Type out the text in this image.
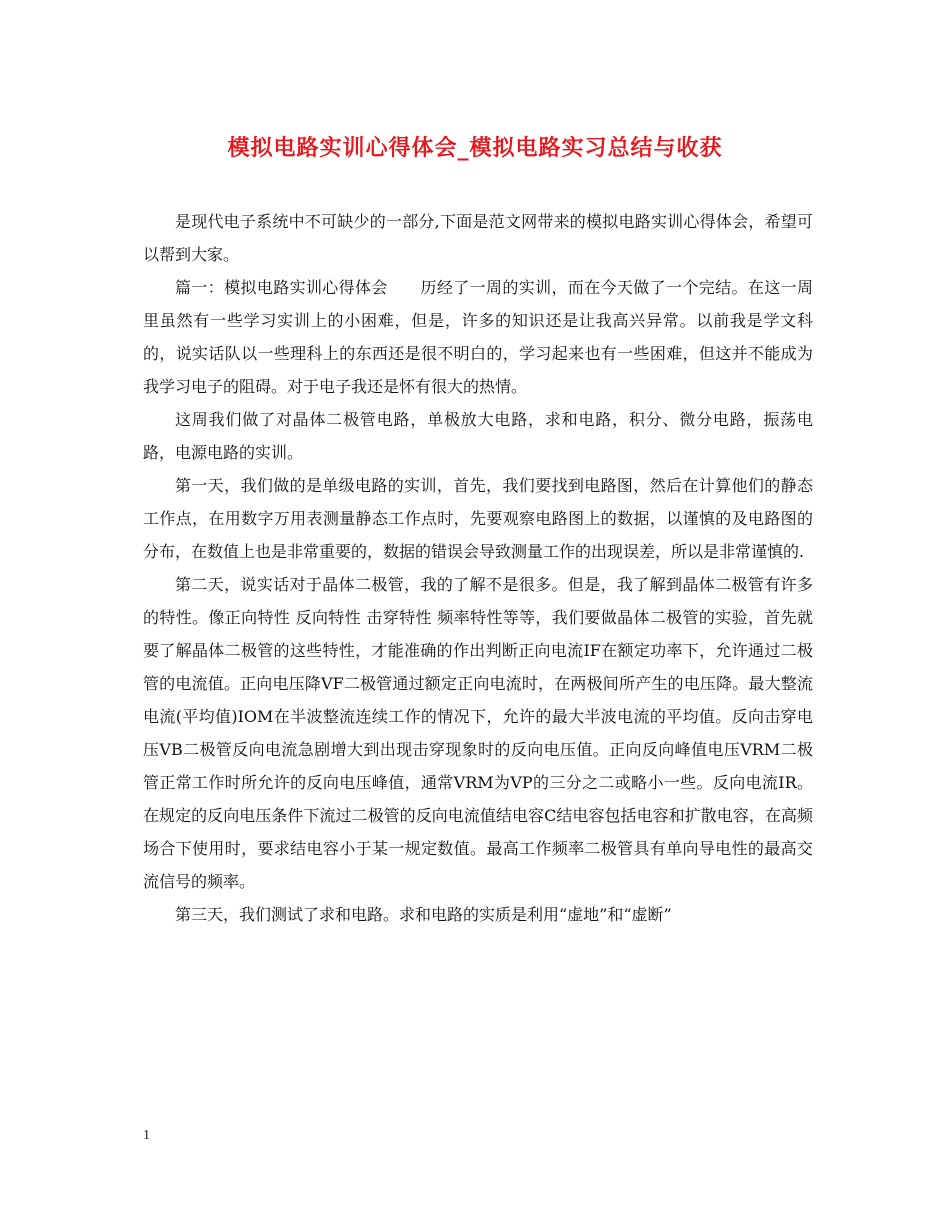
模拟电路实训心得体会_模拟电路实习总结与收获

是现代电子系统中不可缺少的一部分,下面是范文网带来的模拟电路实训心得体会，希望可以帮到大家。

篇一：模拟电路实训心得体会　　历经了一周的实训，而在今天做了一个完结。在这一周里虽然有一些学习实训上的小困难，但是，许多的知识还是让我高兴异常。以前我是学文科的，说实话队以一些理科上的东西还是很不明白的，学习起来也有一些困难，但这并不能成为我学习电子的阻碍。对于电子我还是怀有很大的热情。

这周我们做了对晶体二极管电路，单极放大电路，求和电路，积分、微分电路，振荡电路，电源电路的实训。

第一天，我们做的是单级电路的实训，首先，我们要找到电路图，然后在计算他们的静态工作点，在用数字万用表测量静态工作点时，先要观察电路图上的数据，以谨慎的及电路图的分布，在数值上也是非常重要的，数据的错误会导致测量工作的出现误差，所以是非常谨慎的.

第二天，说实话对于晶体二极管，我的了解不是很多。但是，我了解到晶体二极管有许多的特性。像正向特性 反向特性 击穿特性 频率特性等等，我们要做晶体二极管的实验，首先就要了解晶体二极管的这些特性，才能准确的作出判断正向电流IF在额定功率下，允许通过二极管的电流值。正向电压降VF二极管通过额定正向电流时，在两极间所产生的电压降。最大整流电流(平均值)IOM在半波整流连续工作的情况下，允许的最大半波电流的平均值。反向击穿电压VB二极管反向电流急剧增大到出现击穿现象时的反向电压值。正向反向峰值电压VRM二极管正常工作时所允许的反向电压峰值，通常VRM为VP的三分之二或略小一些。反向电流IR。在规定的反向电压条件下流过二极管的反向电流值结电容C结电容包括电容和扩散电容，在高频场合下使用时，要求结电容小于某一规定数值。最高工作频率二极管具有单向导电性的最高交流信号的频率。

第三天，我们测试了求和电路。求和电路的实质是利用“虚地”和“虚断”

1
